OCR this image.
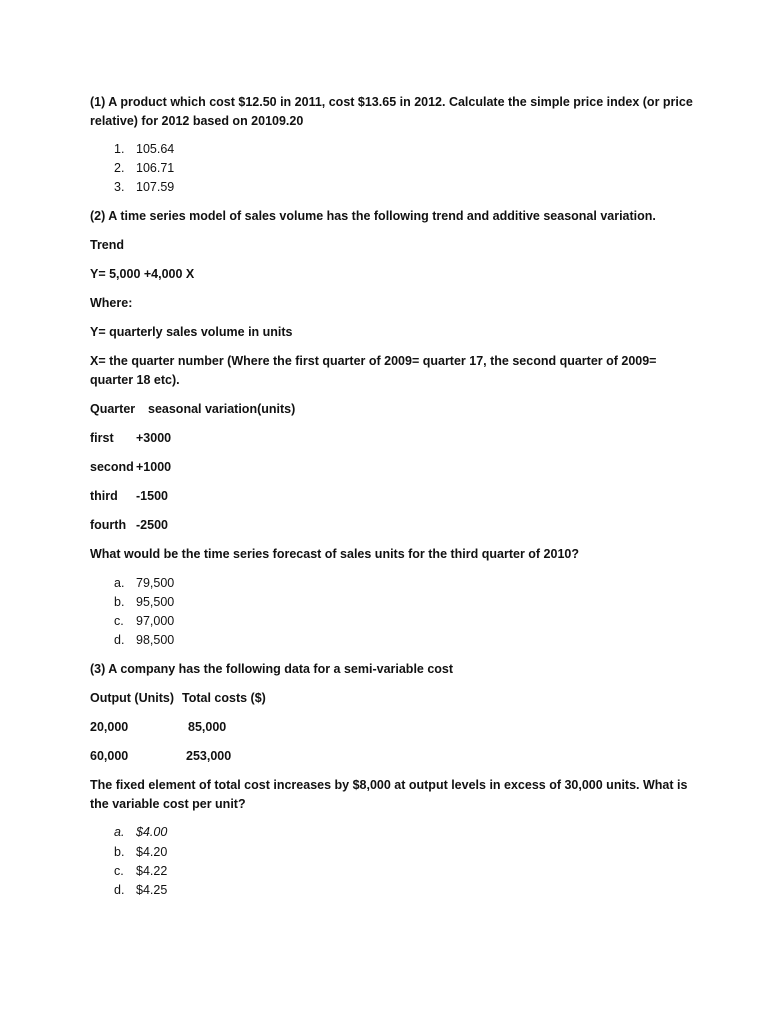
(1) A product which cost $12.50 in 2011, cost $13.65 in 2012. Calculate the simple price index (or price
relative) for 2012 based on 20109.20
1. 105.64
2. 106.71
3. 107.59
(2) A time series model of sales volume has the following trend and additive seasonal variation.
Trend
Y= 5,000 +4,000 X
Where:
Y= quarterly sales volume in units
X= the quarter number (Where the first quarter of 2009= quarter 17, the second quarter of 2009=
quarter 18 etc).
Quarter seasonal variation(units)
first +3000
second +1000
third -1500
fourth -2500
What would be the time series forecast of sales units for the third quarter of 2010?
a. 79,500
b. 95,500
c. 97,000
d. 98,500
(3) A company has the following data for a semi-variable cost
Output (Units) Total costs ($)
20,000	85,000
60,000	253,000
The fixed element of total cost increases by $8,000 at output levels in excess of 30,000 units. What is
the variable cost per unit?
a. $4.00
b. $4.20
c. $4.22
d. $4.25
